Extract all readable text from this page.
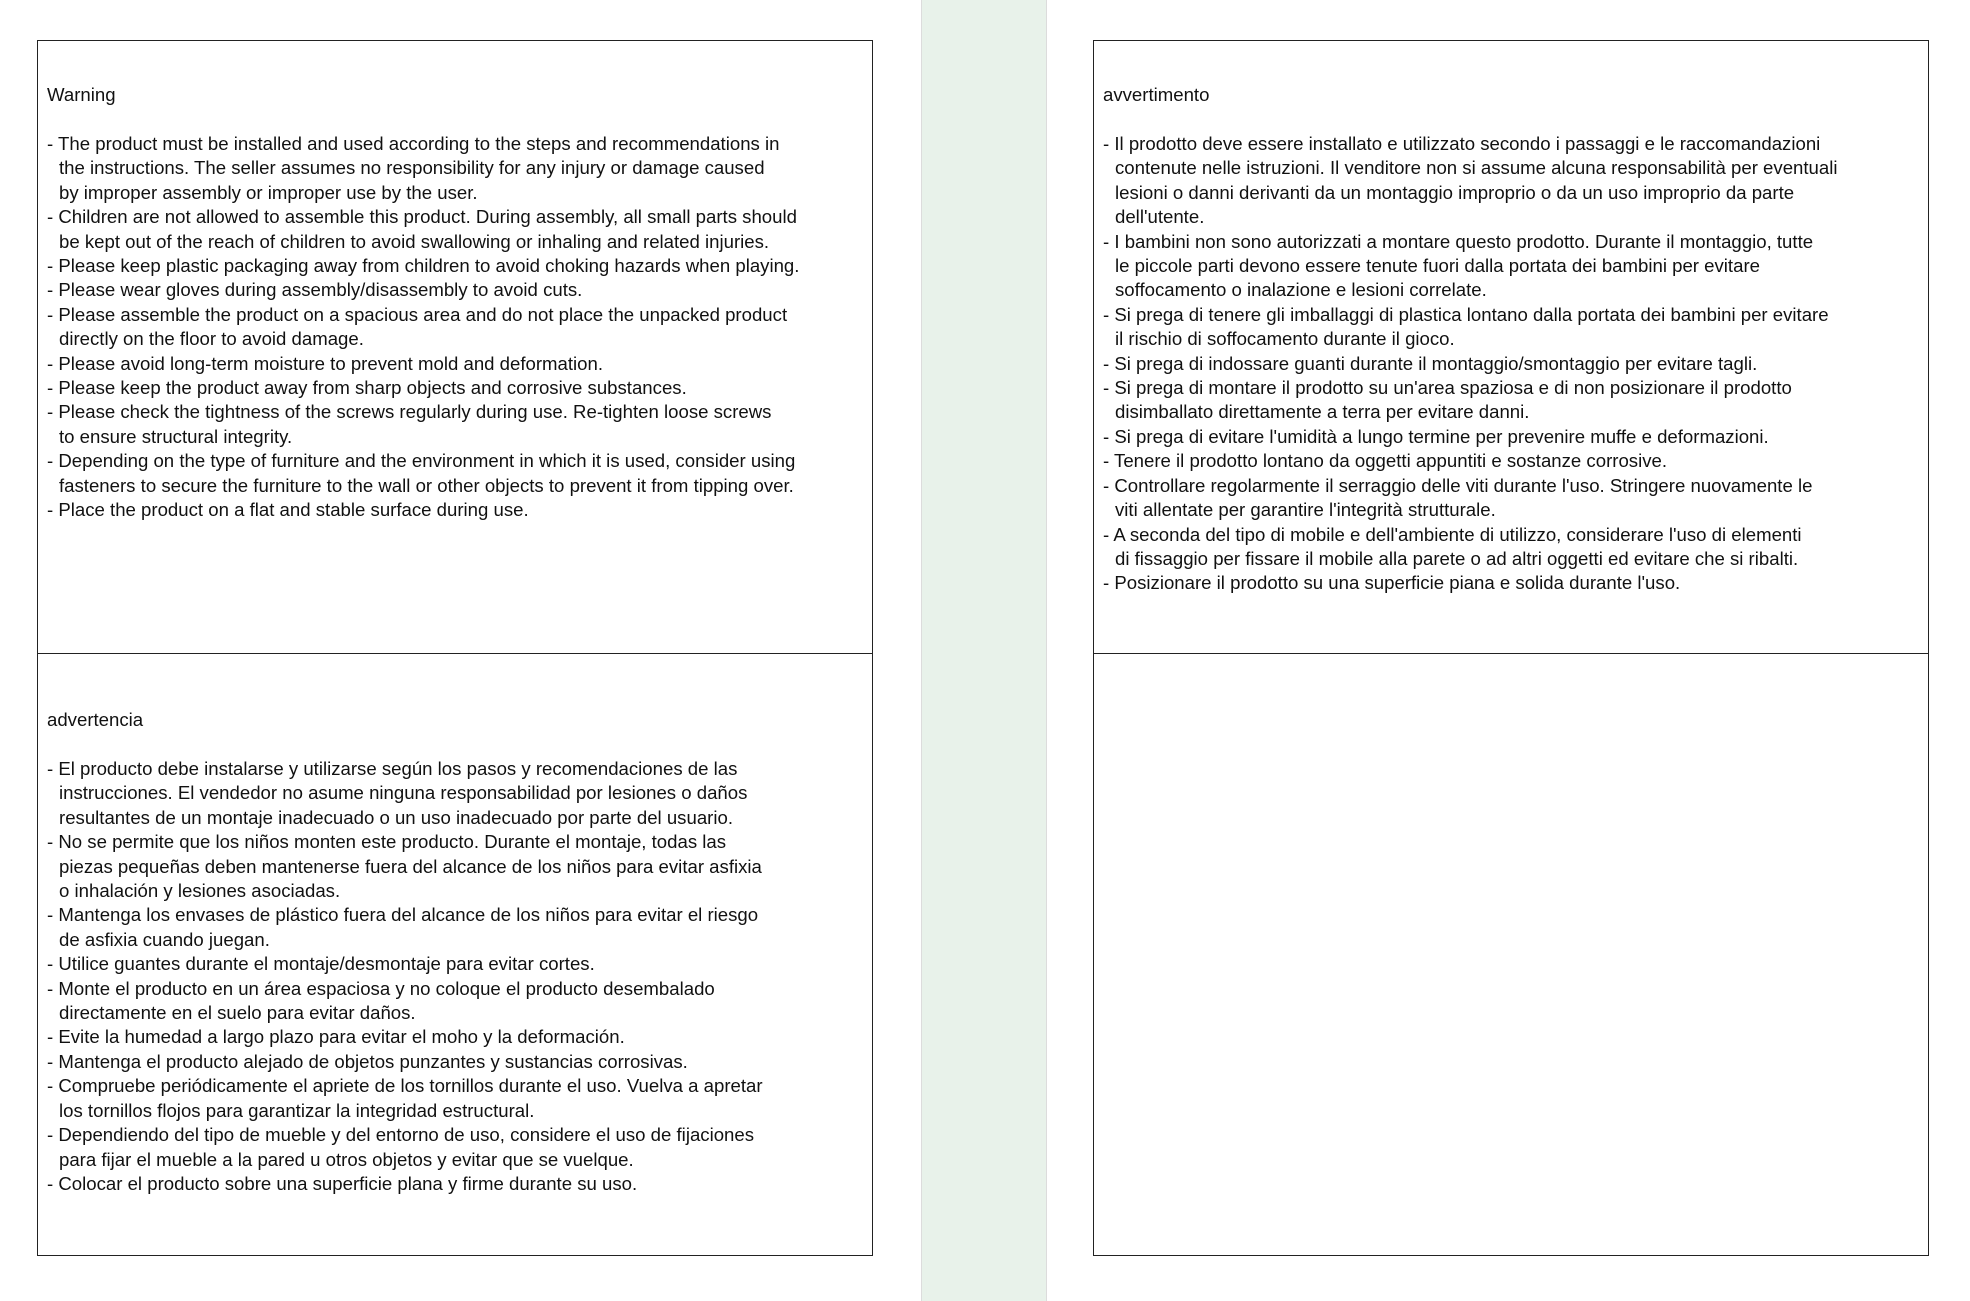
Warning
- The product must be installed and used according to the steps and recommendations in
the instructions. The seller assumes no responsibility for any injury or damage caused
by improper assembly or improper use by the user.
- Children are not allowed to assemble this product. During assembly, all small parts should
be kept out of the reach of children to avoid swallowing or inhaling and related injuries.
- Please keep plastic packaging away from children to avoid choking hazards when playing.
- Please wear gloves during assembly/disassembly to avoid cuts.
- Please assemble the product on a spacious area and do not place the unpacked product
directly on the floor to avoid damage.
- Please avoid long-term moisture to prevent mold and deformation.
- Please keep the product away from sharp objects and corrosive substances.
- Please check the tightness of the screws regularly during use. Re-tighten loose screws
to ensure structural integrity.
- Depending on the type of furniture and the environment in which it is used, consider using
fasteners to secure the furniture to the wall or other objects to prevent it from tipping over.
- Place the product on a flat and stable surface during use.
advertencia
- El producto debe instalarse y utilizarse según los pasos y recomendaciones de las
instrucciones. El vendedor no asume ninguna responsabilidad por lesiones o daños
resultantes de un montaje inadecuado o un uso inadecuado por parte del usuario.
- No se permite que los niños monten este producto. Durante el montaje, todas las
piezas pequeñas deben mantenerse fuera del alcance de los niños para evitar asfixia
o inhalación y lesiones asociadas.
- Mantenga los envases de plástico fuera del alcance de los niños para evitar el riesgo
de asfixia cuando juegan.
- Utilice guantes durante el montaje/desmontaje para evitar cortes.
- Monte el producto en un área espaciosa y no coloque el producto desembalado
directamente en el suelo para evitar daños.
- Evite la humedad a largo plazo para evitar el moho y la deformación.
- Mantenga el producto alejado de objetos punzantes y sustancias corrosivas.
- Compruebe periódicamente el apriete de los tornillos durante el uso. Vuelva a apretar
los tornillos flojos para garantizar la integridad estructural.
- Dependiendo del tipo de mueble y del entorno de uso, considere el uso de fijaciones
para fijar el mueble a la pared u otros objetos y evitar que se vuelque.
- Colocar el producto sobre una superficie plana y firme durante su uso.
avvertimento
- Il prodotto deve essere installato e utilizzato secondo i passaggi e le raccomandazioni
contenute nelle istruzioni. Il venditore non si assume alcuna responsabilità per eventuali
lesioni o danni derivanti da un montaggio improprio o da un uso improprio da parte
dell'utente.
- I bambini non sono autorizzati a montare questo prodotto. Durante il montaggio, tutte
le piccole parti devono essere tenute fuori dalla portata dei bambini per evitare
soffocamento o inalazione e lesioni correlate.
- Si prega di tenere gli imballaggi di plastica lontano dalla portata dei bambini per evitare
il rischio di soffocamento durante il gioco.
- Si prega di indossare guanti durante il montaggio/smontaggio per evitare tagli.
- Si prega di montare il prodotto su un'area spaziosa e di non posizionare il prodotto
disimballato direttamente a terra per evitare danni.
- Si prega di evitare l'umidità a lungo termine per prevenire muffe e deformazioni.
- Tenere il prodotto lontano da oggetti appuntiti e sostanze corrosive.
- Controllare regolarmente il serraggio delle viti durante l'uso. Stringere nuovamente le
viti allentate per garantire l'integrità strutturale.
- A seconda del tipo di mobile e dell'ambiente di utilizzo, considerare l'uso di elementi
di fissaggio per fissare il mobile alla parete o ad altri oggetti ed evitare che si ribalti.
- Posizionare il prodotto su una superficie piana e solida durante l'uso.
